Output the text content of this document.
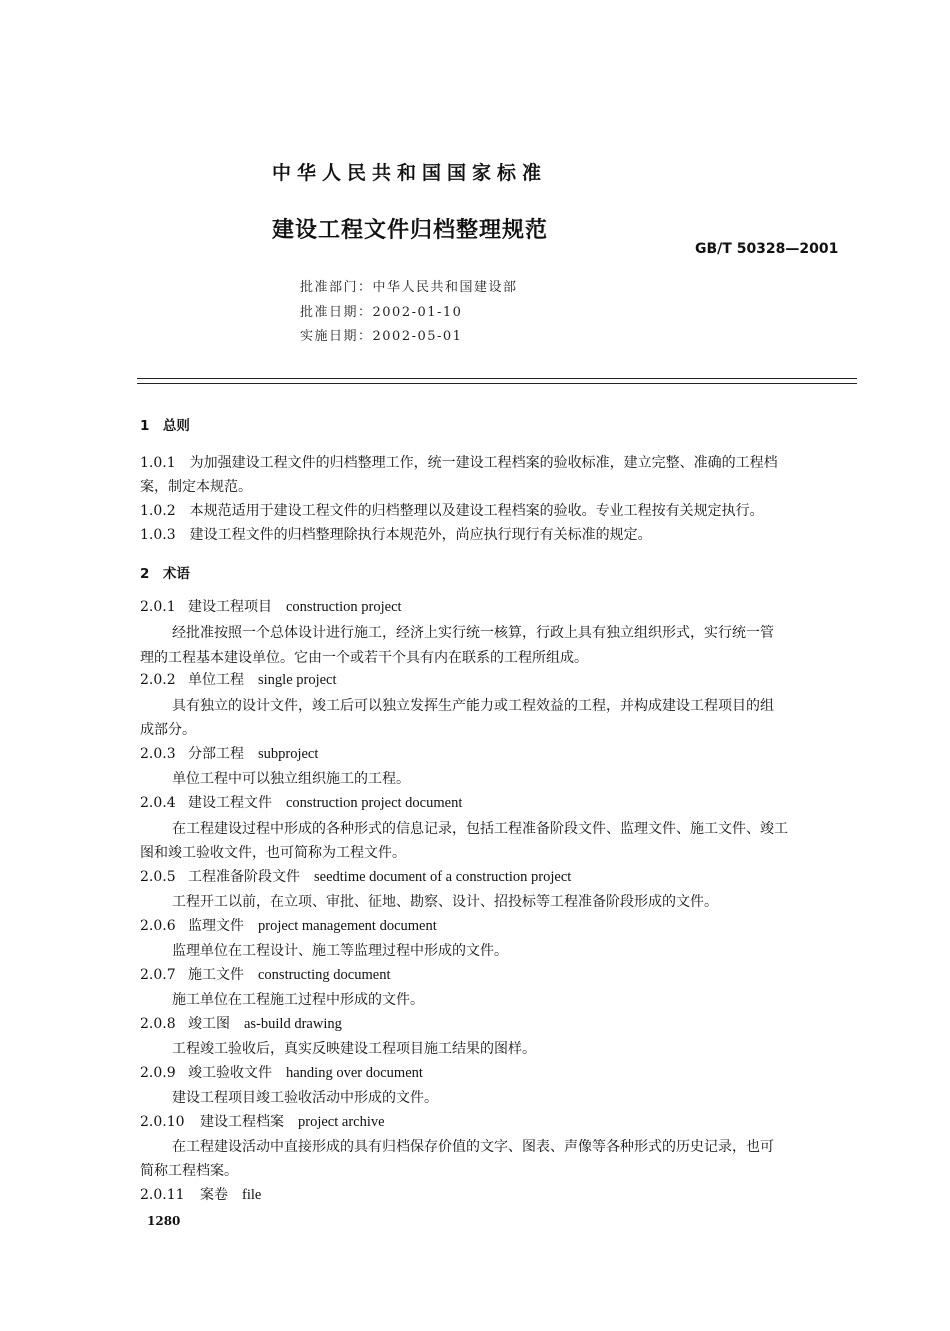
中华人民共和国国家标准
建设工程文件归档整理规范
GB/T 50328—2001
批准部门：中华人民共和国建设部
批准日期：2002-01-10
实施日期：2002-05-01
1　总则
1.0.1　为加强建设工程文件的归档整理工作，统一建设工程档案的验收标准，建立完整、准确的工程档
案，制定本规范。
1.0.2　本规范适用于建设工程文件的归档整理以及建设工程档案的验收。专业工程按有关规定执行。
1.0.3　建设工程文件的归档整理除执行本规范外，尚应执行现行有关标准的规定。
2　术语
2.0.1 建设工程项目 construction project
经批准按照一个总体设计进行施工，经济上实行统一核算，行政上具有独立组织形式，实行统一管
理的工程基本建设单位。它由一个或若干个具有内在联系的工程所组成。
2.0.2 单位工程 single project
具有独立的设计文件，竣工后可以独立发挥生产能力或工程效益的工程，并构成建设工程项目的组
成部分。
2.0.3 分部工程 subproject
单位工程中可以独立组织施工的工程。
2.0.4 建设工程文件 construction project document
在工程建设过程中形成的各种形式的信息记录，包括工程准备阶段文件、监理文件、施工文件、竣工
图和竣工验收文件，也可简称为工程文件。
2.0.5 工程准备阶段文件 seedtime document of a construction project
工程开工以前，在立项、审批、征地、勘察、设计、招投标等工程准备阶段形成的文件。
2.0.6 监理文件 project management document
监理单位在工程设计、施工等监理过程中形成的文件。
2.0.7 施工文件 constructing document
施工单位在工程施工过程中形成的文件。
2.0.8 竣工图 as-build drawing
工程竣工验收后，真实反映建设工程项目施工结果的图样。
2.0.9 竣工验收文件 handing over document
建设工程项目竣工验收活动中形成的文件。
2.0.10 建设工程档案 project archive
在工程建设活动中直接形成的具有归档保存价值的文字、图表、声像等各种形式的历史记录，也可
简称工程档案。
2.0.11 案卷 file
1280
